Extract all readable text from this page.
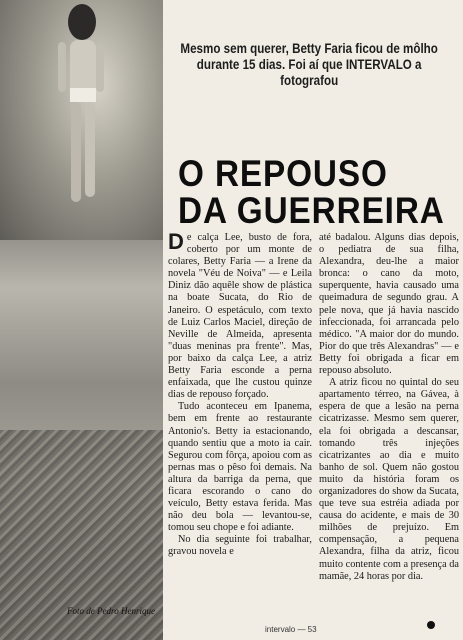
Foto de Pedro Henrique
Mesmo sem querer, Betty Faria ficou de môlho durante 15 dias. Foi aí que INTERVALO a fotografou
O REPOUSO
DA GUERREIRA

De calça Lee, busto de fora, coberto por um monte de colares, Betty Faria — a Irene da novela "Véu de Noiva" — e Leila Diniz dão aquêle show de plástica na boate Sucata, do Rio de Janeiro. O espetáculo, com texto de Luiz Carlos Maciel, direção de Neville de Almeida, apresenta "duas meninas pra frente". Mas, por baixo da calça Lee, a atriz Betty Faria esconde a perna enfaixada, que lhe custou quinze dias de repouso forçado.

Tudo aconteceu em Ipanema, bem em frente ao restaurante Antonio's. Betty ia estacionando, quando sentiu que a moto ia cair. Segurou com fôrça, apoiou com as pernas mas o pêso foi demais. Na altura da barriga da perna, que ficara escorando o cano do veículo, Betty estava ferida. Mas não deu bola — levantou-se, tomou seu chope e foi adiante.

No dia seguinte foi trabalhar, gravou novela e

até badalou. Alguns dias depois, o pediatra de sua filha, Alexandra, deu-lhe a maior bronca: o cano da moto, superquente, havia causado uma queimadura de segundo grau. A pele nova, que já havia nascido infeccionada, foi arrancada pelo médico. "A maior dor do mundo. Pior do que três Alexandras" — e Betty foi obrigada a ficar em repouso absoluto.

A atriz ficou no quintal do seu apartamento térreo, na Gávea, à espera de que a lesão na perna cicatrizasse. Mesmo sem querer, ela foi obrigada a descansar, tomando três injeções cicatrizantes ao dia e muito banho de sol. Quem não gostou muito da história foram os organizadores do show da Sucata, que teve sua estréia adiada por causa do acidente, e mais de 30 milhões de prejuízo. Em compensação, a pequena Alexandra, filha da atriz, ficou muito contente com a presença da mamãe, 24 horas por dia.

intervalo — 53
